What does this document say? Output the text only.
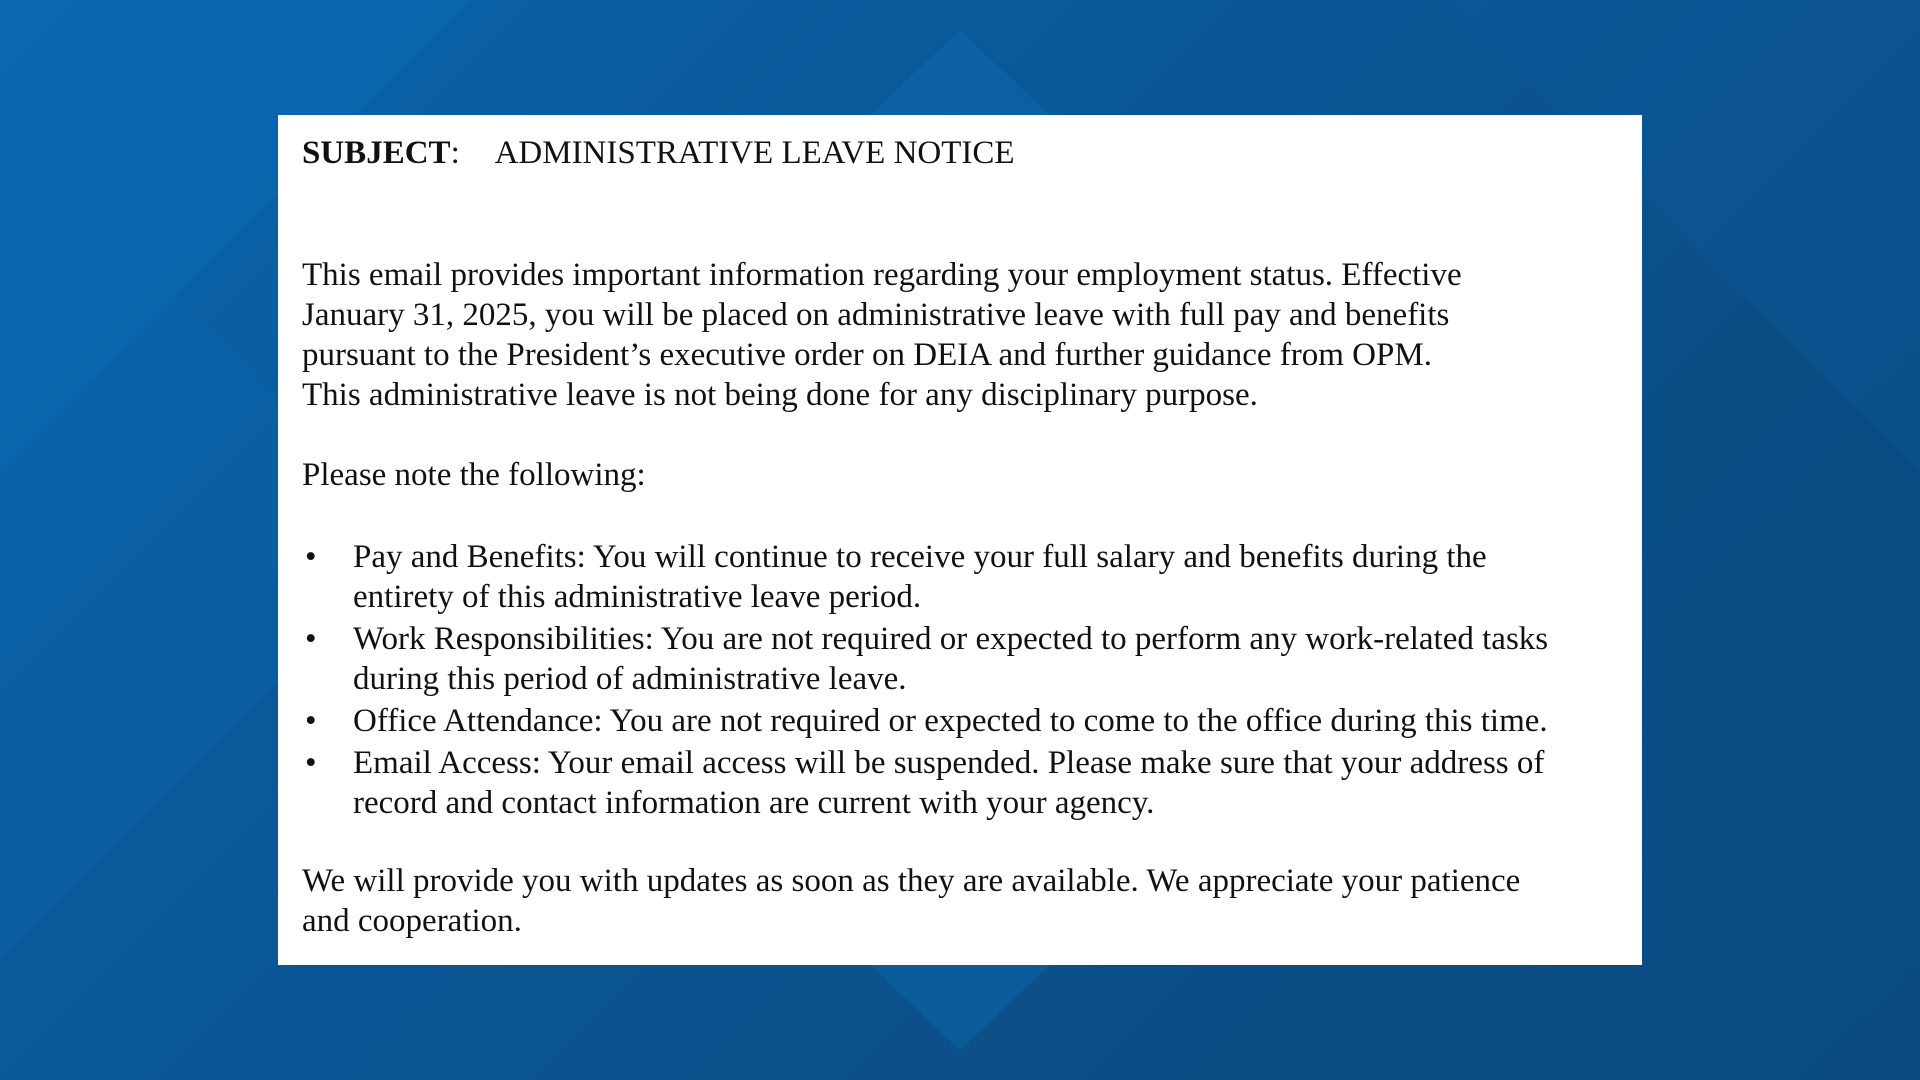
SUBJECT: ADMINISTRATIVE LEAVE NOTICE

This email provides important information regarding your employment status. Effective
January 31, 2025, you will be placed on administrative leave with full pay and benefits
pursuant to the President’s executive order on DEIA and further guidance from OPM.
This administrative leave is not being done for any disciplinary purpose.

Please note the following:

• Pay and Benefits: You will continue to receive your full salary and benefits during the
entirety of this administrative leave period.
• Work Responsibilities: You are not required or expected to perform any work-related tasks
during this period of administrative leave.
• Office Attendance: You are not required or expected to come to the office during this time.
• Email Access: Your email access will be suspended. Please make sure that your address of
record and contact information are current with your agency.

We will provide you with updates as soon as they are available. We appreciate your patience
and cooperation.
